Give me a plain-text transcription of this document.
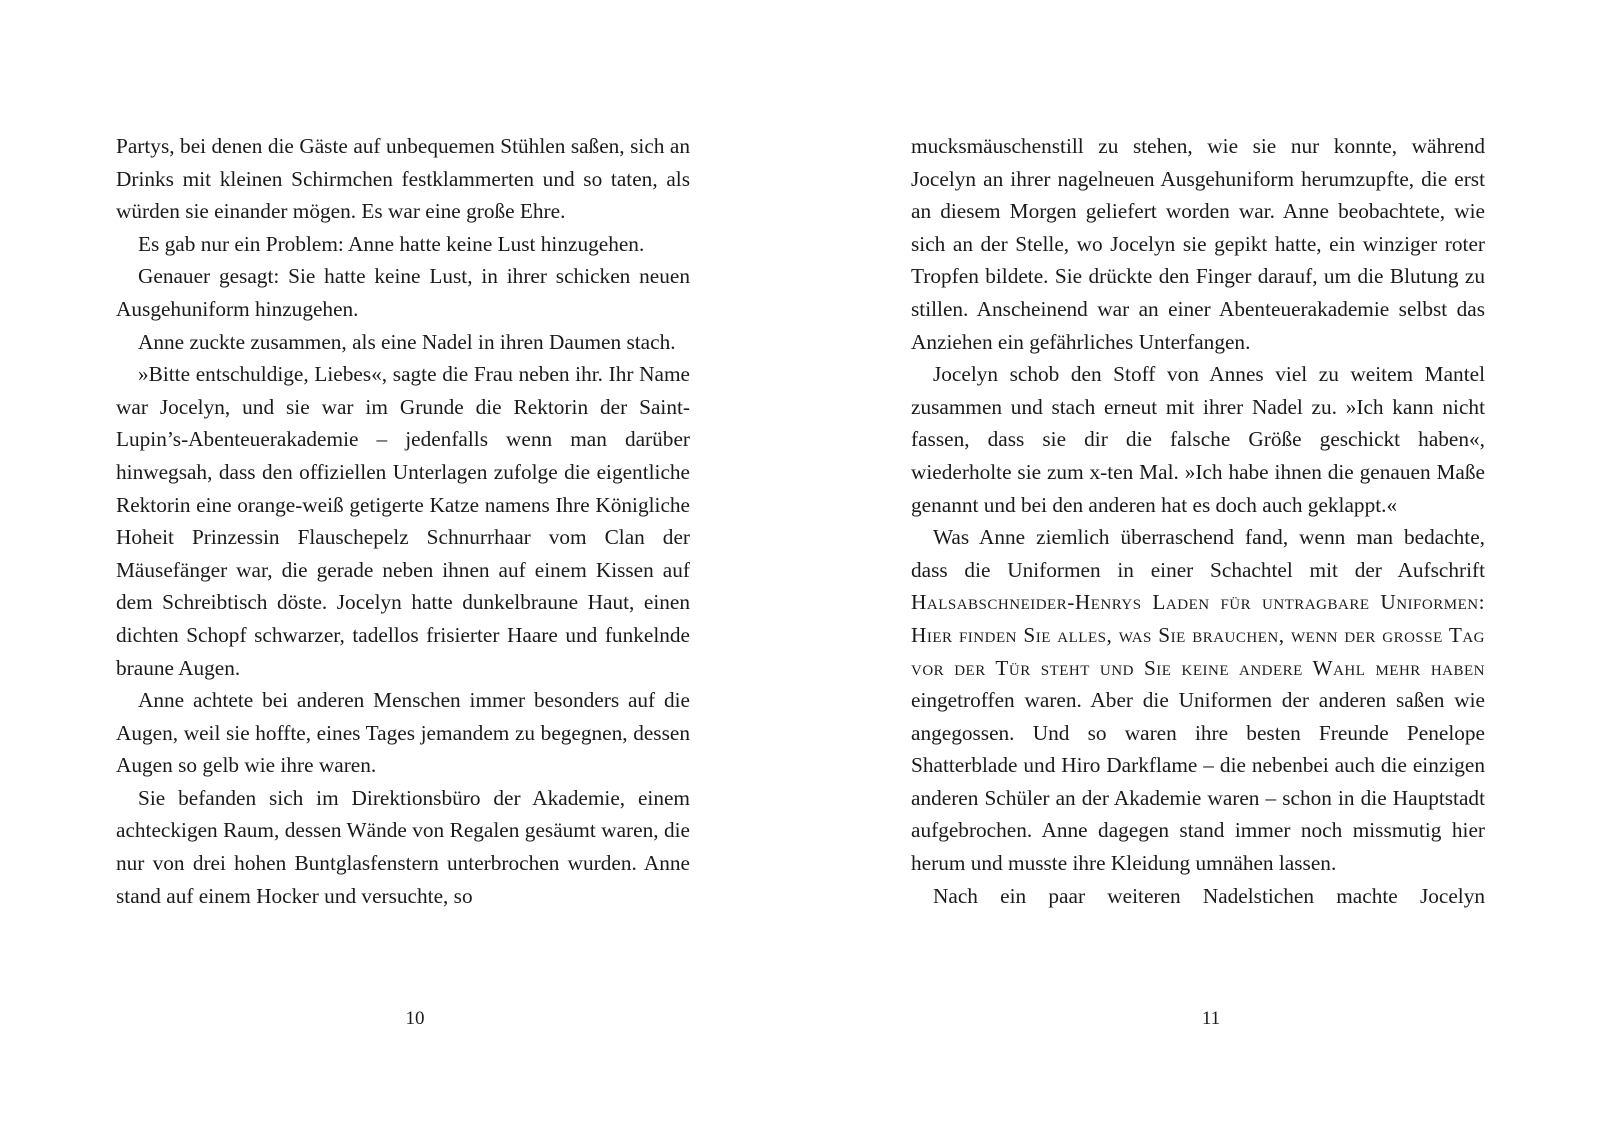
Partys, bei denen die Gäste auf unbequemen Stühlen saßen, sich an Drinks mit kleinen Schirmchen festklammerten und so taten, als würden sie einander mögen. Es war eine große Ehre.

Es gab nur ein Problem: Anne hatte keine Lust hinzugehen.

Genauer gesagt: Sie hatte keine Lust, in ihrer schicken neuen Ausgehuniform hinzugehen.

Anne zuckte zusammen, als eine Nadel in ihren Daumen stach.

»Bitte entschuldige, Liebes«, sagte die Frau neben ihr. Ihr Name war Jocelyn, und sie war im Grunde die Rektorin der Saint-Lupin’s-Abenteuerakademie – jedenfalls wenn man darüber hinwegsah, dass den offiziellen Unterlagen zufolge die eigentliche Rektorin eine orange-weiß getigerte Katze namens Ihre Königliche Hoheit Prinzessin Flauschepelz Schnurrhaar vom Clan der Mäusefänger war, die gerade neben ihnen auf einem Kissen auf dem Schreibtisch döste. Jocelyn hatte dunkelbraune Haut, einen dichten Schopf schwarzer, tadellos frisierter Haare und funkelnde braune Augen.

Anne achtete bei anderen Menschen immer besonders auf die Augen, weil sie hoffte, eines Tages jemandem zu begegnen, dessen Augen so gelb wie ihre waren.

Sie befanden sich im Direktionsbüro der Akademie, einem achteckigen Raum, dessen Wände von Regalen gesäumt waren, die nur von drei hohen Buntglasfenstern unterbrochen wurden. Anne stand auf einem Hocker und versuchte, so

10

mucksmäuschenstill zu stehen, wie sie nur konnte, während Jocelyn an ihrer nagelneuen Ausgehuniform herumzupfte, die erst an diesem Morgen geliefert worden war. Anne beobachtete, wie sich an der Stelle, wo Jocelyn sie gepikt hatte, ein winziger roter Tropfen bildete. Sie drückte den Finger darauf, um die Blutung zu stillen. Anscheinend war an einer Abenteuerakademie selbst das Anziehen ein gefährliches Unterfangen.

Jocelyn schob den Stoff von Annes viel zu weitem Mantel zusammen und stach erneut mit ihrer Nadel zu. »Ich kann nicht fassen, dass sie dir die falsche Größe geschickt haben«, wiederholte sie zum x-ten Mal. »Ich habe ihnen die genauen Maße genannt und bei den anderen hat es doch auch geklappt.«

Was Anne ziemlich überraschend fand, wenn man bedachte, dass die Uniformen in einer Schachtel mit der Aufschrift Halsabschneider-Henrys Laden für untragbare Uniformen: Hier finden Sie alles, was Sie brauchen, wenn der grosse Tag vor der Tür steht und Sie keine andere Wahl mehr haben eingetroffen waren. Aber die Uniformen der anderen saßen wie angegossen. Und so waren ihre besten Freunde Penelope Shatterblade und Hiro Darkflame – die nebenbei auch die einzigen anderen Schüler an der Akademie waren – schon in die Hauptstadt aufgebrochen. Anne dagegen stand immer noch missmutig hier herum und musste ihre Kleidung umnähen lassen.

Nach ein paar weiteren Nadelstichen machte Jocelyn

11
